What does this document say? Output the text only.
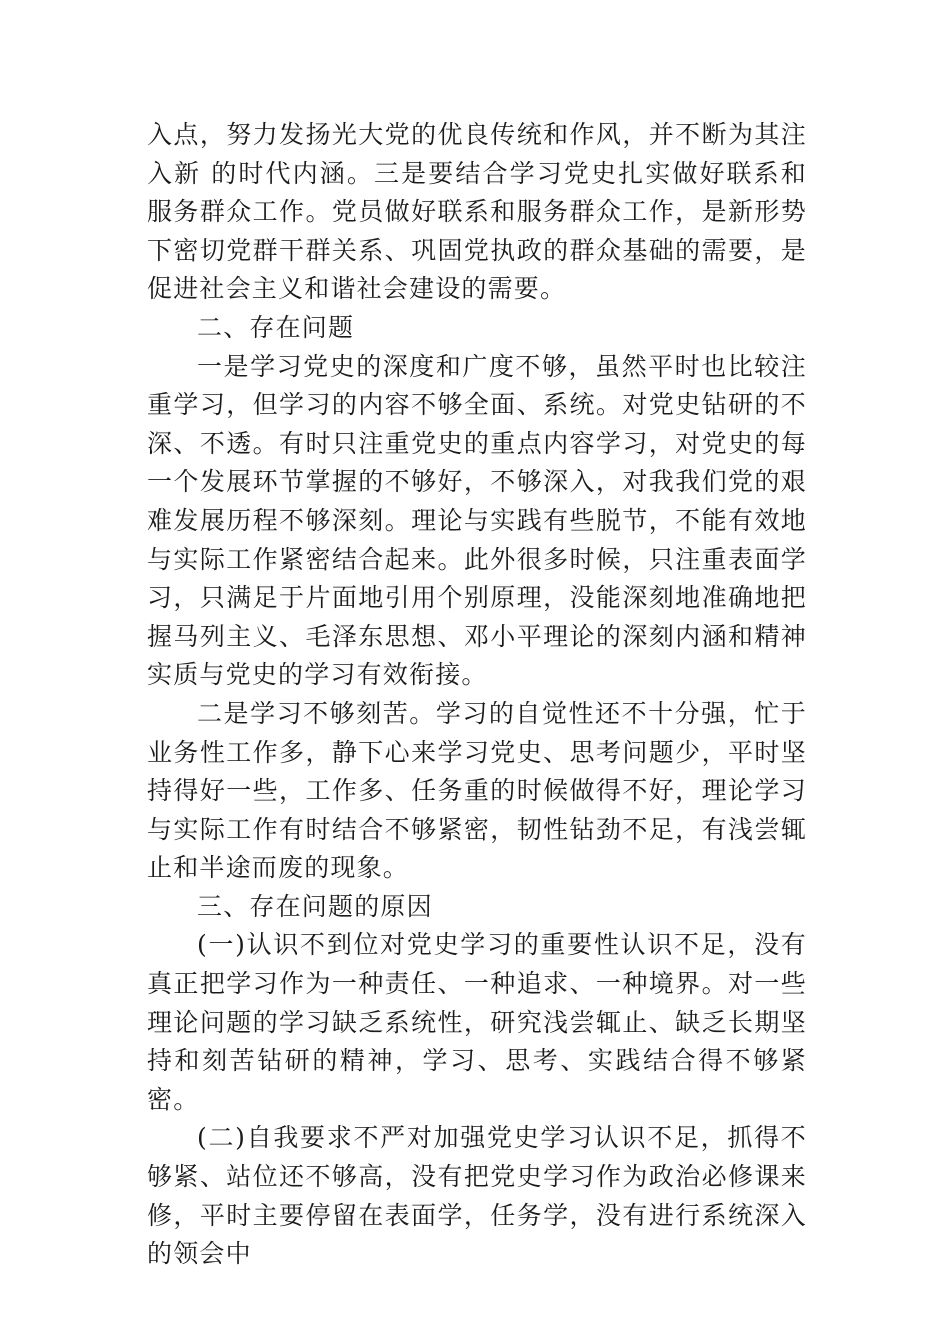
入点，努力发扬光大党的优良传统和作风，并不断为其注入新 的时代内涵。三是要结合学习党史扎实做好联系和服务群众工作。党员做好联系和服务群众工作，是新形势下密切党群干群关系、巩固党执政的群众基础的需要，是促进社会主义和谐社会建设的需要。

二、存在问题

一是学习党史的深度和广度不够，虽然平时也比较注重学习，但学习的内容不够全面、系统。对党史钻研的不深、不透。有时只注重党史的重点内容学习，对党史的每一个发展环节掌握的不够好，不够深入，对我我们党的艰难发展历程不够深刻。理论与实践有些脱节，不能有效地与实际工作紧密结合起来。此外很多时候，只注重表面学习，只满足于片面地引用个别原理，没能深刻地准确地把握马列主义、毛泽东思想、邓小平理论的深刻内涵和精神实质与党史的学习有效衔接。

二是学习不够刻苦。学习的自觉性还不十分强，忙于业务性工作多，静下心来学习党史、思考问题少，平时坚持得好一些，工作多、任务重的时候做得不好，理论学习与实际工作有时结合不够紧密，韧性钻劲不足，有浅尝辄止和半途而废的现象。

三、存在问题的原因

(一)认识不到位对党史学习的重要性认识不足，没有真正把学习作为一种责任、一种追求、一种境界。对一些理论问题的学习缺乏系统性，研究浅尝辄止、缺乏长期坚持和刻苦钻研的精神，学习、思考、实践结合得不够紧密。

(二)自我要求不严对加强党史学习认识不足，抓得不够紧、站位还不够高，没有把党史学习作为政治必修课来修，平时主要停留在表面学，任务学，没有进行系统深入的领会中
